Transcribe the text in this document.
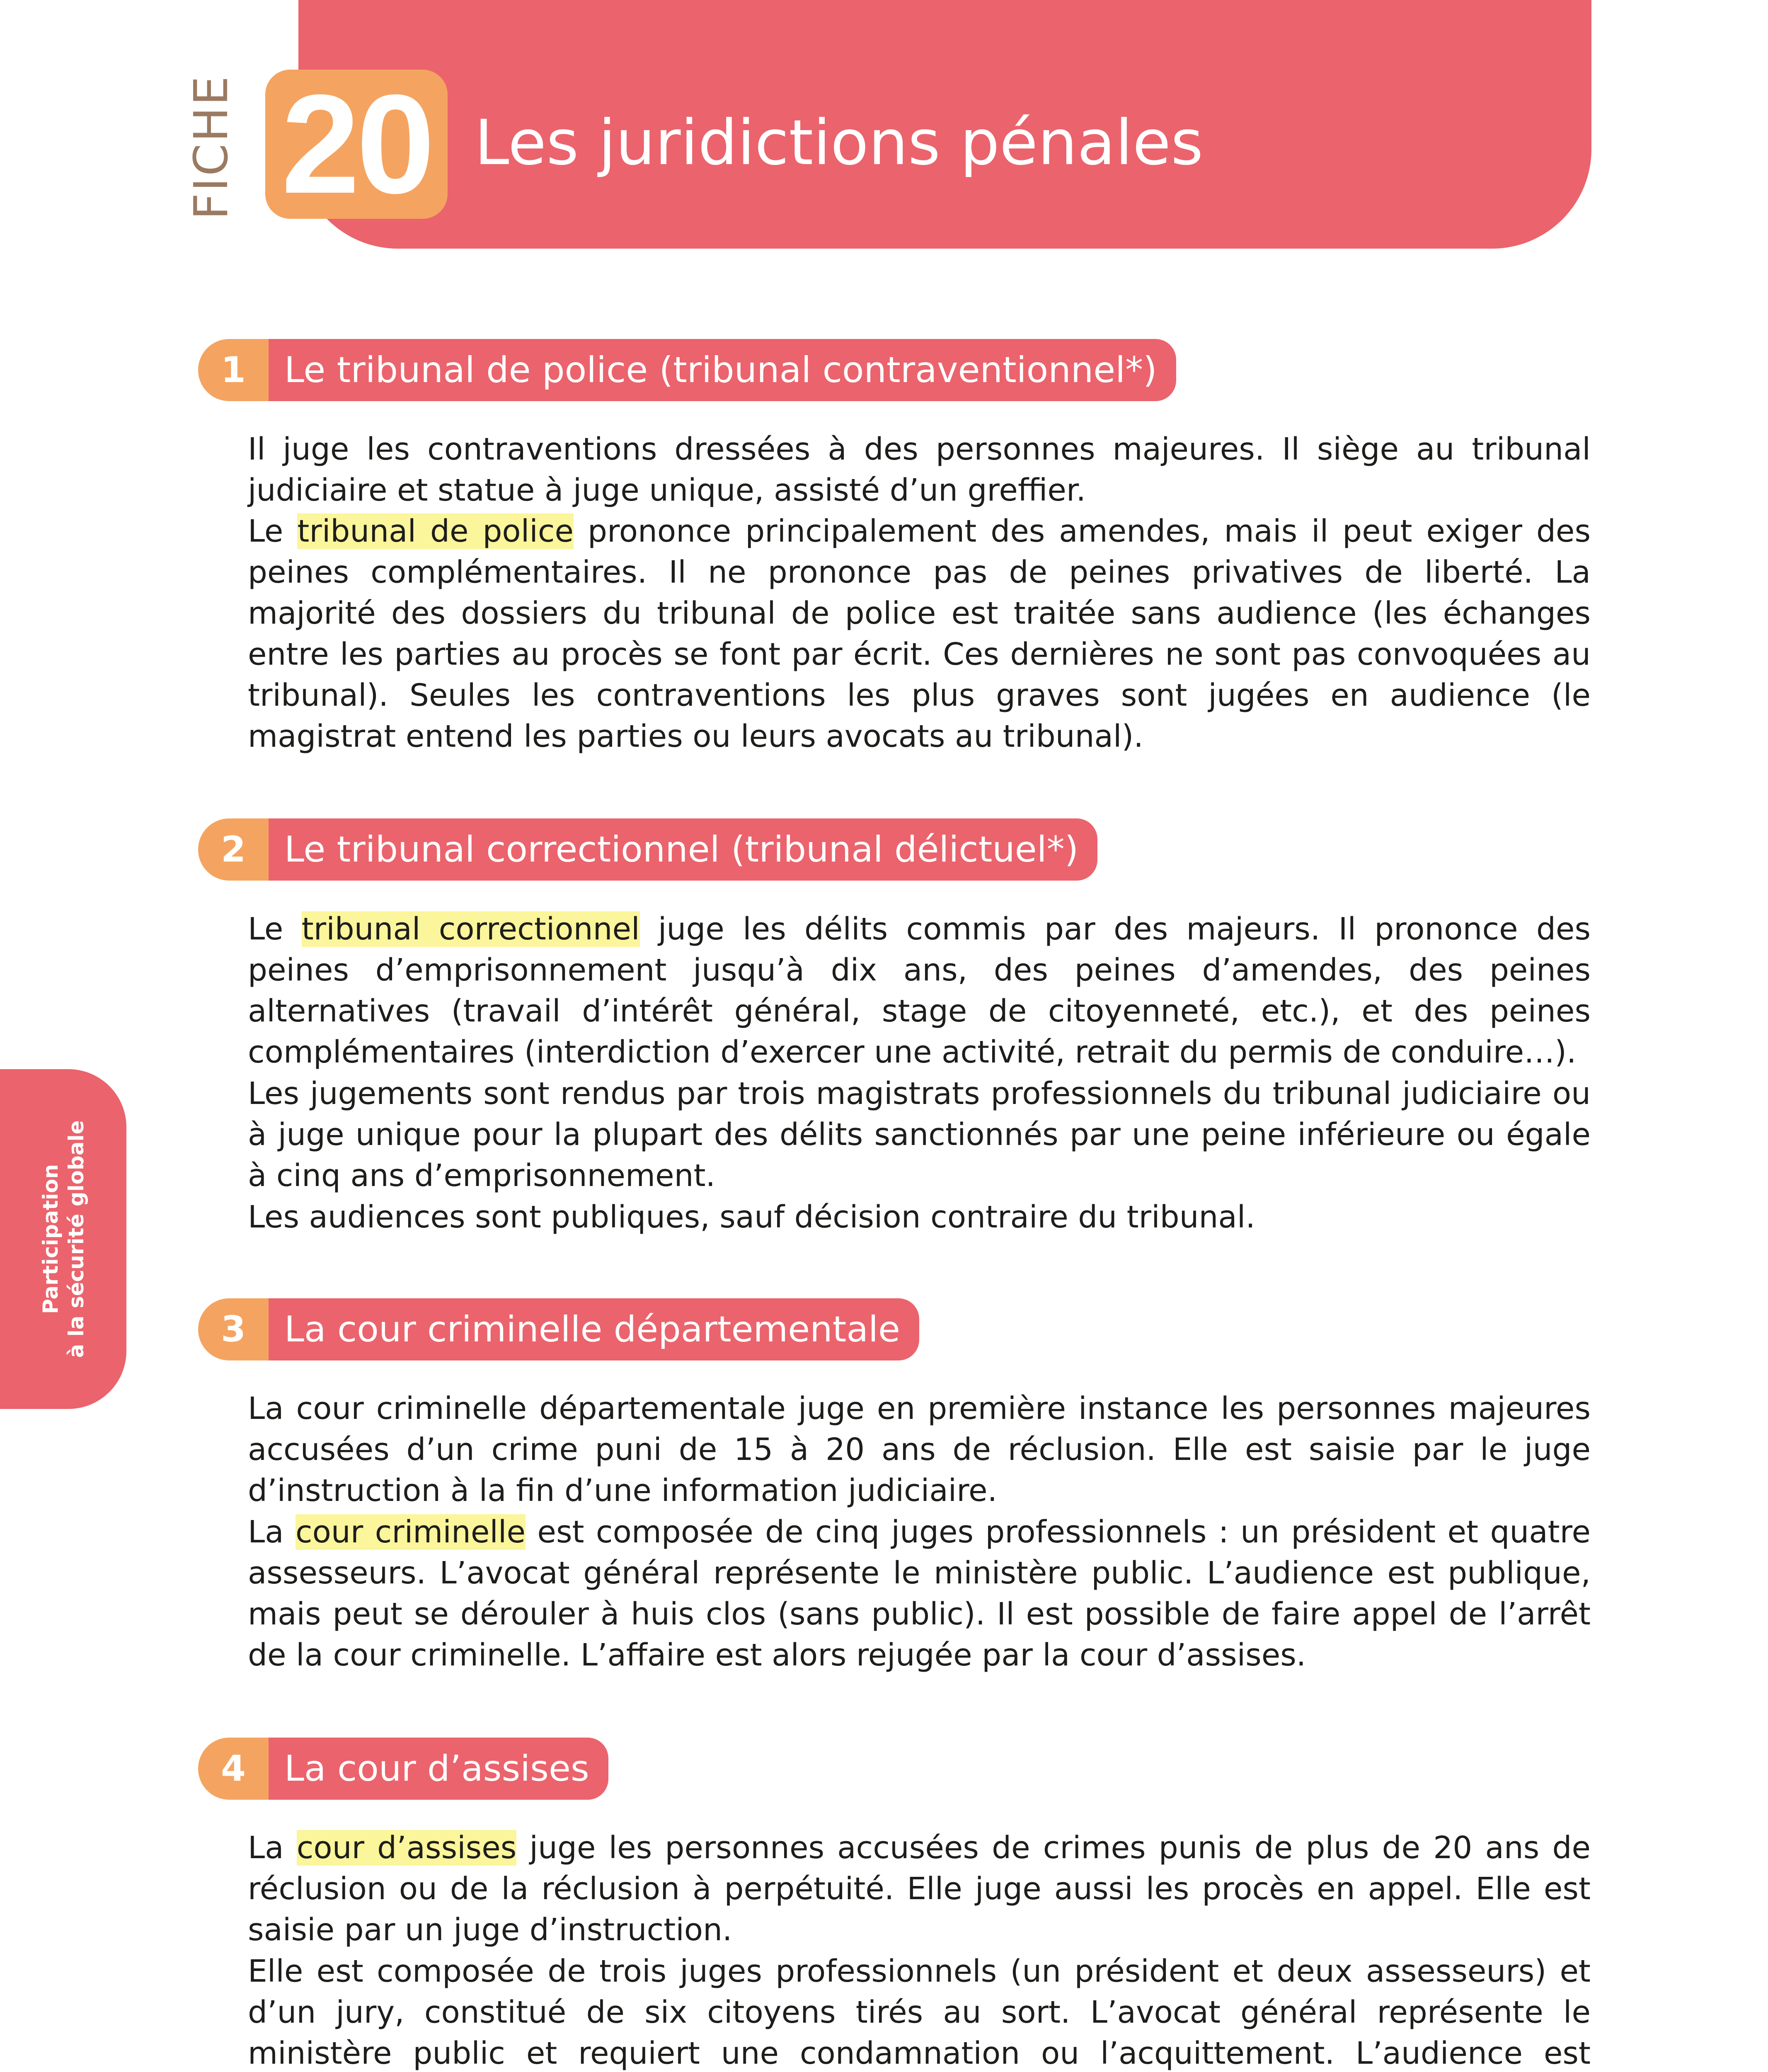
FICHE 20 Les juridictions pénales
Participation à la sécurité globale
1	Le tribunal de police (tribunal contraventionnel*)

Il juge les contraventions dressées à des personnes majeures. Il siège au tribunal judiciaire et statue à juge unique, assisté d’un greffier.

Le tribunal de police prononce principalement des amendes, mais il peut exiger des peines complémentaires. Il ne prononce pas de peines privatives de liberté. La majorité des dossiers du tribunal de police est traitée sans audience (les échanges entre les parties au procès se font par écrit. Ces dernières ne sont pas convoquées au tribunal). Seules les contraventions les plus graves sont jugées en audience (le magistrat entend les parties ou leurs avocats au tribunal).

2	Le tribunal correctionnel (tribunal délictuel*)

Le tribunal correctionnel juge les délits commis par des majeurs. Il prononce des peines d’emprisonnement jusqu’à dix ans, des peines d’amendes, des peines alternatives (travail d’intérêt général, stage de citoyenneté, etc.), et des peines complémentaires (interdiction d’exercer une activité, retrait du permis de conduire…).

Les jugements sont rendus par trois magistrats professionnels du tribunal judiciaire ou à juge unique pour la plupart des délits sanctionnés par une peine inférieure ou égale à cinq ans d’emprisonnement.

Les audiences sont publiques, sauf décision contraire du tribunal.

3	La cour criminelle départementale

La cour criminelle départementale juge en première instance les personnes majeures accusées d’un crime puni de 15 à 20 ans de réclusion. Elle est saisie par le juge d’instruction à la fin d’une information judiciaire.

La cour criminelle est composée de cinq juges professionnels : un président et quatre assesseurs. L’avocat général représente le ministère public. L’audience est publique, mais peut se dérouler à huis clos (sans public). Il est possible de faire appel de l’arrêt de la cour criminelle. L’affaire est alors rejugée par la cour d’assises.

4	La cour d’assises

La cour d’assises juge les personnes accusées de crimes punis de plus de 20 ans de réclusion ou de la réclusion à perpétuité. Elle juge aussi les procès en appel. Elle est saisie par un juge d’instruction.

Elle est composée de trois juges professionnels (un président et deux assesseurs) et d’un jury, constitué de six citoyens tirés au sort. L’avocat général représente le ministère public et requiert une condamnation ou l’acquittement. L’audience est
